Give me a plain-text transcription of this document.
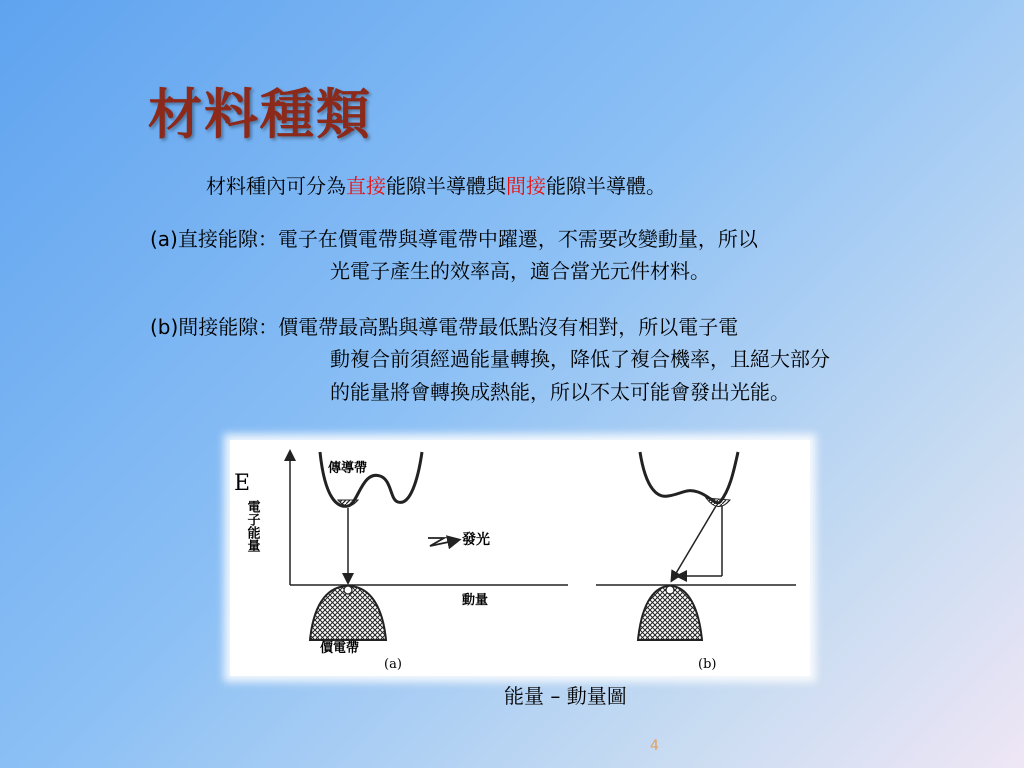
材料種類
材料種內可分為直接能隙半導體與間接能隙半導體。
(a)直接能隙：電子在價電帶與導電帶中躍遷，不需要改變動量，所以
光電子產生的效率高，適合當光元件材料。
(b)間接能隙：價電帶最高點與導電帶最低點沒有相對，所以電子電
動複合前須經過能量轉換，降低了複合機率，且絕大部分
的能量將會轉換成熱能，所以不太可能會發出光能。
E
電子能量
傳導帶
價電帶
發光
動量
(a)	(b)
能量 – 動量圖
4
